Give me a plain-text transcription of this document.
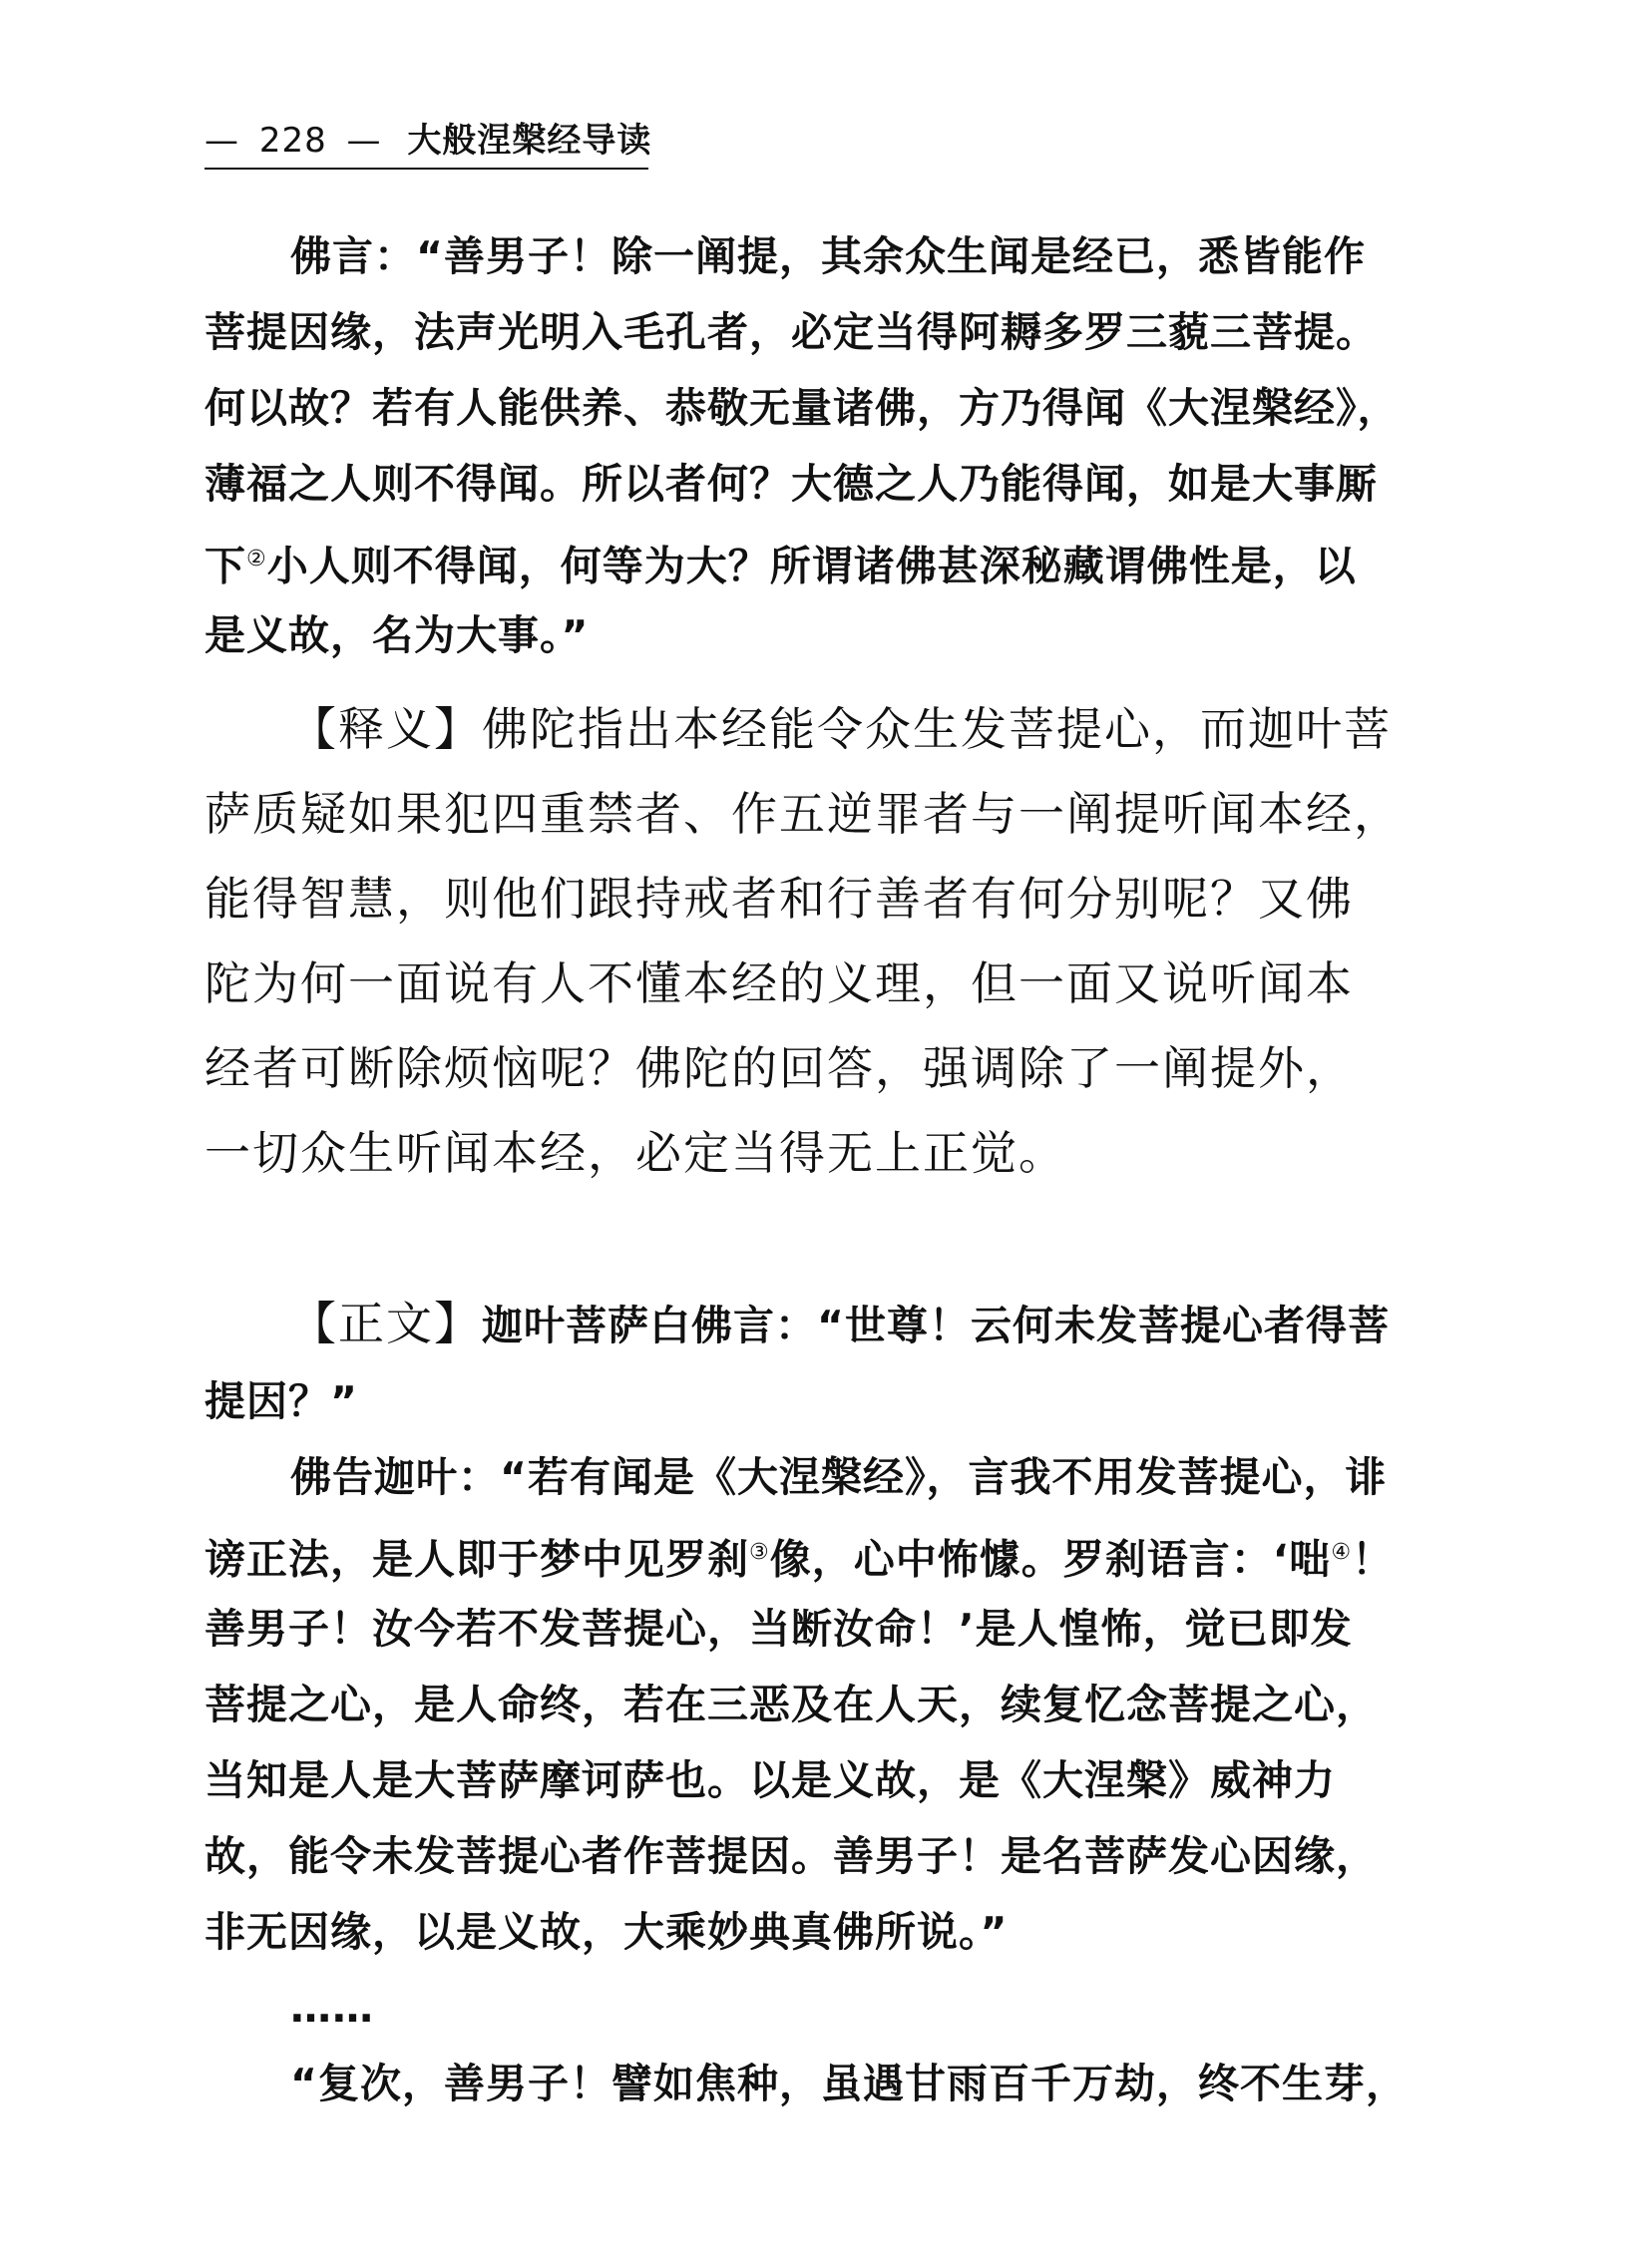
— 228 — 大般涅槃经导读
佛言：“善男子！除一阐提，其余众生闻是经已，悉皆能作
菩提因缘，法声光明入毛孔者，必定当得阿耨多罗三藐三菩提。
何以故？若有人能供养、恭敬无量诸佛，方乃得闻《大涅槃经》，
薄福之人则不得闻。所以者何？大德之人乃能得闻，如是大事厮
下②小人则不得闻，何等为大？所谓诸佛甚深秘藏谓佛性是，以
是义故，名为大事。”
【释义】佛陀指出本经能令众生发菩提心，而迦叶菩
萨质疑如果犯四重禁者、作五逆罪者与一阐提听闻本经，
能得智慧，则他们跟持戒者和行善者有何分别呢？又佛
陀为何一面说有人不懂本经的义理，但一面又说听闻本
经者可断除烦恼呢？佛陀的回答，强调除了一阐提外，
一切众生听闻本经，必定当得无上正觉。
【正文】迦叶菩萨白佛言：“世尊！云何未发菩提心者得菩
提因？”
佛告迦叶：“若有闻是《大涅槃经》，言我不用发菩提心，诽
谤正法，是人即于梦中见罗刹③像，心中怖懅。罗刹语言：‘咄④！
善男子！汝今若不发菩提心，当断汝命！’是人惶怖，觉已即发
菩提之心，是人命终，若在三恶及在人天，续复忆念菩提之心，
当知是人是大菩萨摩诃萨也。以是义故，是《大涅槃》威神力
故，能令未发菩提心者作菩提因。善男子！是名菩萨发心因缘，
非无因缘，以是义故，大乘妙典真佛所说。”
……
“复次，善男子！譬如焦种，虽遇甘雨百千万劫，终不生芽，
